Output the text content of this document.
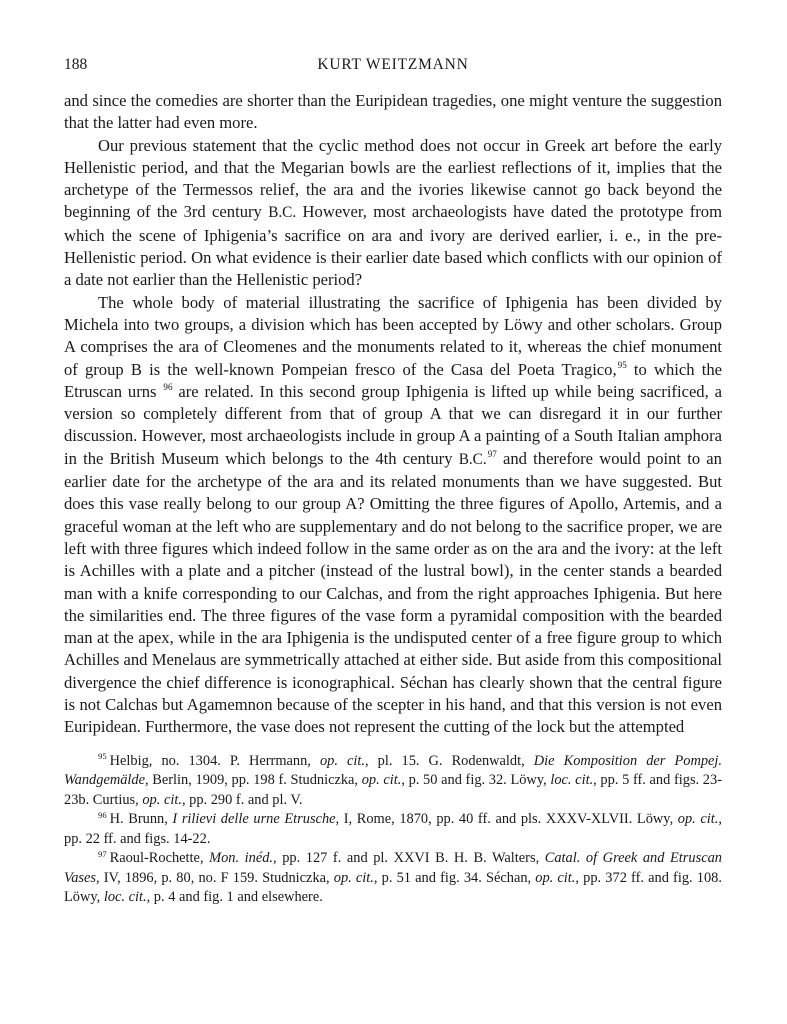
188	KURT WEITZMANN

and since the comedies are shorter than the Euripidean tragedies, one might venture the suggestion that the latter had even more.

Our previous statement that the cyclic method does not occur in Greek art before the early Hellenistic period, and that the Megarian bowls are the earliest reflections of it, implies that the archetype of the Termessos relief, the ara and the ivories likewise cannot go back beyond the beginning of the 3rd century B.C. However, most archaeologists have dated the prototype from which the scene of Iphigenia’s sacrifice on ara and ivory are derived earlier, i. e., in the pre-Hellenistic period. On what evidence is their earlier date based which conflicts with our opinion of a date not earlier than the Hellenistic period?

The whole body of material illustrating the sacrifice of Iphigenia has been divided by Michela into two groups, a division which has been accepted by Löwy and other scholars. Group A comprises the ara of Cleomenes and the monuments related to it, whereas the chief monument of group B is the well-known Pompeian fresco of the Casa del Poeta Tragico,$^{95}$ to which the Etruscan urns $^{96}$ are related. In this second group Iphigenia is lifted up while being sacrificed, a version so completely different from that of group A that we can disregard it in our further discussion. However, most archaeologists include in group A a painting of a South Italian amphora in the British Museum which belongs to the 4th century B.C.$^{97}$ and therefore would point to an earlier date for the archetype of the ara and its related monuments than we have suggested. But does this vase really belong to our group A? Omitting the three figures of Apollo, Artemis, and a graceful woman at the left who are supplementary and do not belong to the sacrifice proper, we are left with three figures which indeed follow in the same order as on the ara and the ivory: at the left is Achilles with a plate and a pitcher (instead of the lustral bowl), in the center stands a bearded man with a knife corresponding to our Calchas, and from the right approaches Iphigenia. But here the similarities end. The three figures of the vase form a pyramidal composition with the bearded man at the apex, while in the ara Iphigenia is the undisputed center of a free figure group to which Achilles and Menelaus are symmetrically attached at either side. But aside from this compositional divergence the chief difference is iconographical. Séchan has clearly shown that the central figure is not Calchas but Agamemnon because of the scepter in his hand, and that this version is not even Euripidean. Furthermore, the vase does not represent the cutting of the lock but the attempted

$^{95}$ Helbig, no. 1304. P. Herrmann, op. cit., pl. 15. G. Rodenwaldt, Die Komposition der Pompej. Wandgemälde, Berlin, 1909, pp. 198 f. Studniczka, op. cit., p. 50 and fig. 32. Löwy, loc. cit., pp. 5 ff. and figs. 23-23b. Curtius, op. cit., pp. 290 f. and pl. V.

$^{96}$ H. Brunn, I rilievi delle urne Etrusche, I, Rome, 1870, pp. 40 ff. and pls. XXXV-XLVII. Löwy, op. cit., pp. 22 ff. and figs. 14-22.

$^{97}$ Raoul-Rochette, Mon. inéd., pp. 127 f. and pl. XXVI B. H. B. Walters, Catal. of Greek and Etruscan Vases, IV, 1896, p. 80, no. F 159. Studniczka, op. cit., p. 51 and fig. 34. Séchan, op. cit., pp. 372 ff. and fig. 108. Löwy, loc. cit., p. 4 and fig. 1 and elsewhere.
